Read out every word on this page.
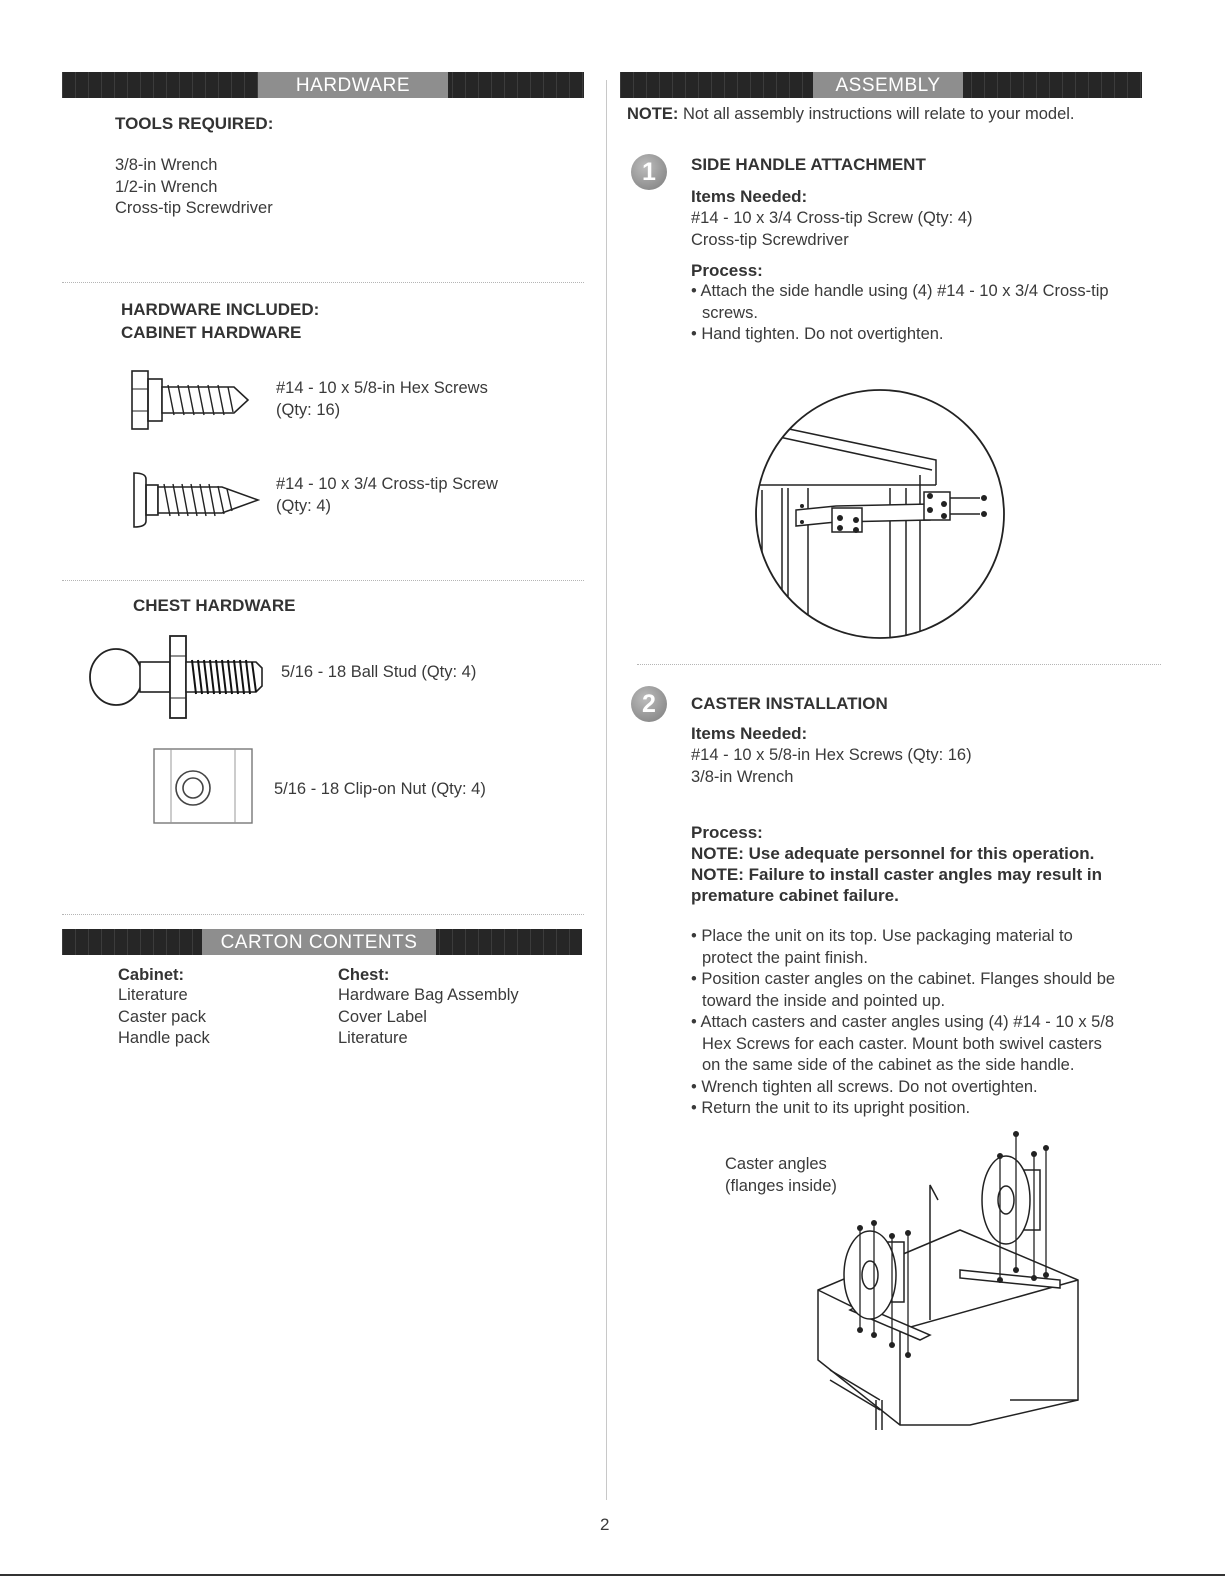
HARDWARE
TOOLS REQUIRED:
3/8-in Wrench
1/2-in Wrench
Cross-tip Screwdriver
HARDWARE INCLUDED:
CABINET HARDWARE
#14 - 10 x 5/8-in Hex Screws
(Qty: 16)
#14 - 10 x 3/4 Cross-tip Screw
(Qty: 4)
CHEST HARDWARE
5/16 - 18 Ball Stud (Qty: 4)
5/16 - 18 Clip-on Nut (Qty: 4)
CARTON CONTENTS
Cabinet:
Literature
Caster pack
Handle pack
Chest:
Hardware Bag Assembly
Cover Label
Literature
ASSEMBLY
NOTE: Not all assembly instructions will relate to your model.
1	SIDE HANDLE ATTACHMENT
Items Needed:
#14 - 10 x 3/4 Cross-tip Screw (Qty: 4)
Cross-tip Screwdriver
Process:
• Attach the side handle using (4) #14 - 10 x 3/4 Cross-tip
screws.
• Hand tighten. Do not overtighten.
2	CASTER INSTALLATION
Items Needed:
#14 - 10 x 5/8-in Hex Screws (Qty: 16)
3/8-in Wrench
Process:
NOTE: Use adequate personnel for this operation.
NOTE: Failure to install caster angles may result in
premature cabinet failure.
• Place the unit on its top. Use packaging material to
protect the paint finish.
• Position caster angles on the cabinet. Flanges should be
toward the inside and pointed up.
• Attach casters and caster angles using (4) #14 - 10 x 5/8
Hex Screws for each caster. Mount both swivel casters
on the same side of the cabinet as the side handle.
• Wrench tighten all screws. Do not overtighten.
• Return the unit to its upright position.
Caster angles
(flanges inside)
2
